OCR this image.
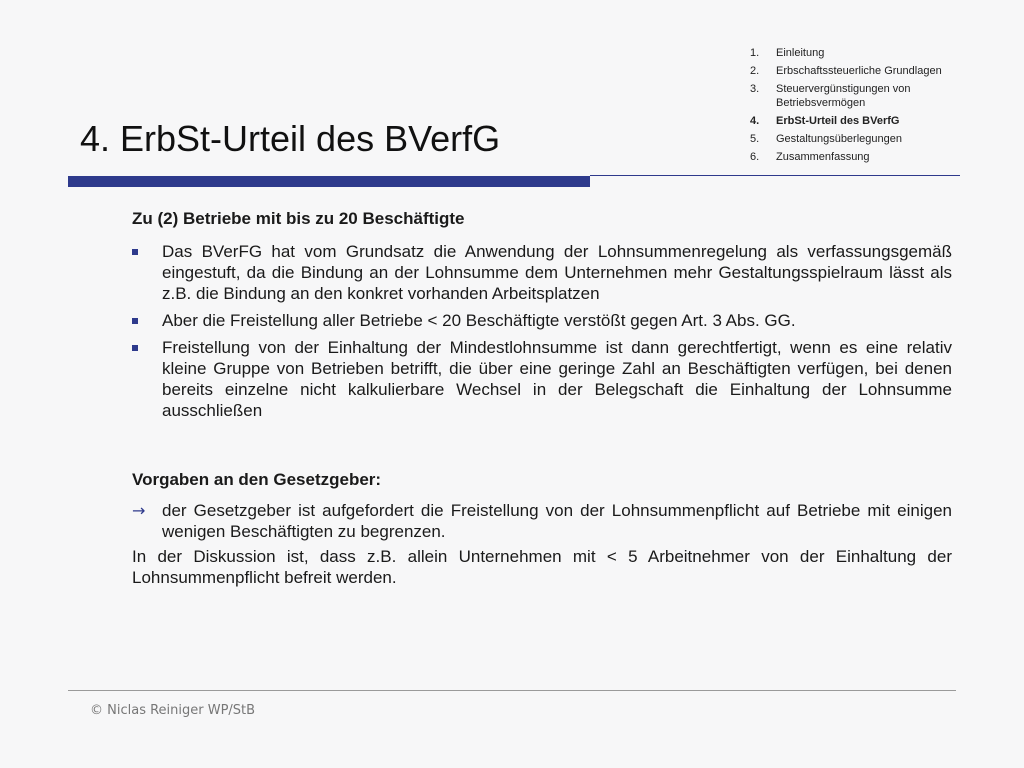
4. ErbSt-Urteil des BVerfG
1.	Einleitung
2.	Erbschaftssteuerliche Grundlagen
3.	Steuervergünstigungen von Betriebsvermögen
4.	ErbSt-Urteil des BVerfG
5.	Gestaltungsüberlegungen
6.	Zusammenfassung
Zu (2) Betriebe mit bis zu 20 Beschäftigte
Das BVerFG hat vom Grundsatz die Anwendung der Lohnsummenregelung als verfassungsgemäß eingestuft, da die Bindung an der Lohnsumme dem Unternehmen mehr Gestaltungsspielraum lässt als z.B. die Bindung an den konkret vorhanden Arbeitsplatzen
Aber die Freistellung aller Betriebe < 20 Beschäftigte verstößt gegen Art. 3 Abs. GG.
Freistellung von der Einhaltung der Mindestlohnsumme ist dann gerechtfertigt, wenn es eine relativ kleine Gruppe von Betrieben betrifft, die über eine geringe Zahl an Beschäftigten verfügen, bei denen bereits einzelne nicht kalkulierbare Wechsel in der Belegschaft die Einhaltung der Lohnsumme ausschließen
Vorgaben an den Gesetzgeber:
→ der Gesetzgeber ist aufgefordert die Freistellung von der Lohnsummenpflicht auf Betriebe mit einigen wenigen Beschäftigten zu begrenzen.
In der Diskussion ist, dass z.B. allein Unternehmen mit < 5 Arbeitnehmer von der Einhaltung der Lohnsummenpflicht befreit werden.
© Niclas Reiniger WP/StB
